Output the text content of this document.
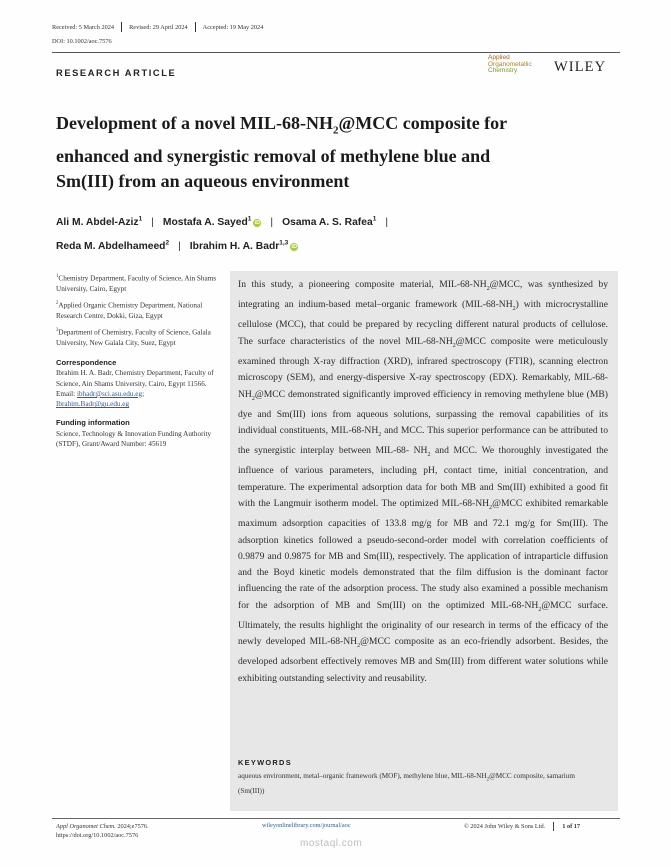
Received: 5 March 2024 Revised: 29 April 2024 Accepted: 19 May 2024
DOI: 10.1002/aoc.7576
RESEARCH ARTICLE
Applied
Organometallic
Chemistry	WILEY
Development of a novel MIL-$68-NH_2@MCC$ composite for
enhanced and synergistic removal of methylene blue and
Sm(III) from an aqueous environment
Ali M. Abdel-Aziz$^1$ | Mostafa A. Sayed$^1$iD | Osama A. S. Rafea$^1$ |
Reda M. Abdelhameed$^2$ | Ibrahim H. A. Badr$^{1,3}$iD
$^1$Chemistry Department, Faculty of Science, Ain Shams University, Cairo, Egypt
$^2$Applied Organic Chemistry Department, National Research Centre, Dokki, Giza, Egypt
$^3$Department of Chemistry, Faculty of Science, Galala University, New Galala City, Suez, Egypt
Correspondence
Ibrahim H. A. Badr, Chemistry Department, Faculty of Science, Ain Shams University, Cairo, Egypt 11566.
Email: ibhadr@sci.asu.edu.eg;
Ibrahim.Badr@gu.edu.eg
Funding information
Science, Technology & Innovation Funding Authority (STDF), Grant/Award Number: 45619
In this study, a pioneering composite material, MIL-$68-NH_2@MCC$, was synthesized by integrating an indium-based metal–organic framework $(MIL-68-NH_2)$ with microcrystalline cellulose (MCC), that could be prepared by recycling different natural products of cellulose. The surface characteristics of the novel MIL-$68-NH_2@MCC$ composite were meticulously examined through X-ray diffraction (XRD), infrared spectroscopy (FTIR), scanning electron microscopy (SEM), and energy-dispersive X-ray spectroscopy (EDX). Remarkably, MIL-68- $NH_2@MCC$ demonstrated significantly improved efficiency in removing methylene blue (MB) dye and Sm(III) ions from aqueous solutions, surpassing the removal capabilities of its individual constituents, MIL-$68-NH_2$ and MCC. This superior performance can be attributed to the synergistic interplay between MIL-68- $NH_2$ and MCC. We thoroughly investigated the influence of various parameters, including pH, contact time, initial concentration, and temperature. The experimental adsorption data for both MB and Sm(III) exhibited a good fit with the Langmuir isotherm model. The optimized MIL-$68-NH_2@MCC$ exhibited remarkable maximum adsorption capacities of 133.8 mg/g for MB and 72.1 mg/g for Sm(III). The adsorption kinetics followed a pseudo-second-order model with correlation coefficients of 0.9879 and 0.9875 for MB and Sm(III), respectively. The application of intraparticle diffusion and the Boyd kinetic models demonstrated that the film diffusion is the dominant factor influencing the rate of the adsorption process. The study also examined a possible mechanism for the adsorption of MB and Sm(III) on the optimized MIL-$68-NH_2@MCC$ surface. Ultimately, the results highlight the originality of our research in terms of the efficacy of the newly developed MIL-$68-NH_2@MCC$ composite as an eco-friendly adsorbent. Besides, the developed adsorbent effectively removes MB and Sm(III) from different water solutions while exhibiting outstanding selectivity and reusability.
KEYWORDS
aqueous environment, metal–organic framework (MOF), methylene blue, MIL-$68-NH_2@MCC$ composite, samarium (Sm(III))
Appl Organomet Chem. 2024;e7576.
https://doi.org/10.1002/aoc.7576
wileyonlinelibrary.com/journal/aoc	© 2024 John Wiley & Sons Ltd.	1 of 17
mostaql.com
